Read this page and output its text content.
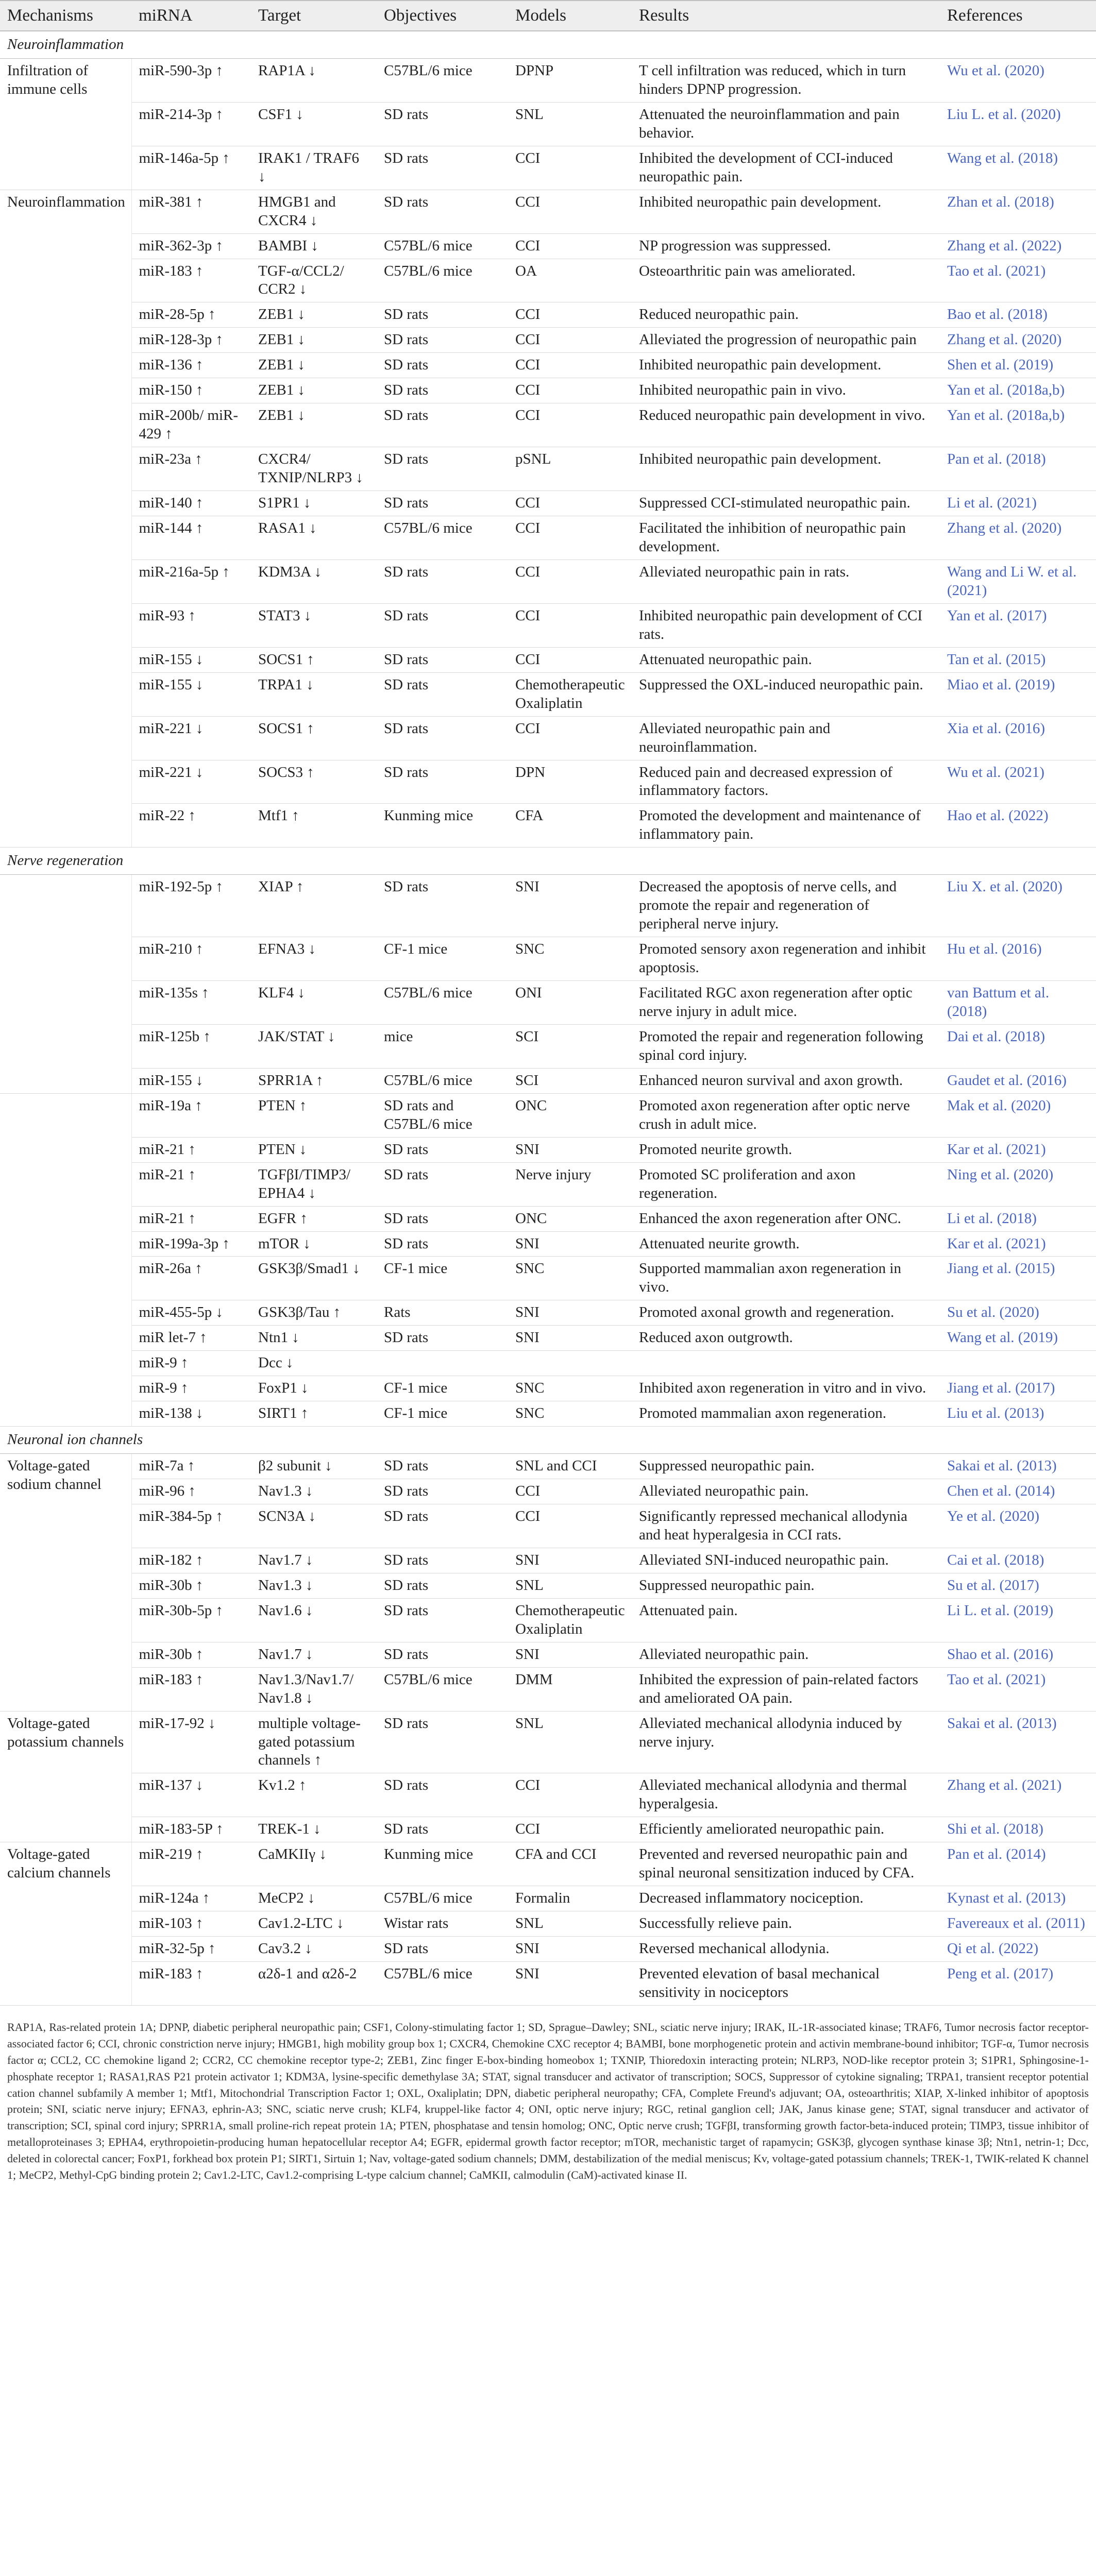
Mechanisms	miRNA	Target	Objectives	Models	Results	References
Neuroinflammation						
Infiltration of immune cells	miR-590-3p ↑	RAP1A ↓	C57BL/6 mice	DPNP	T cell infiltration was reduced, which in turn hinders DPNP progression.	Wu et al. (2020)
	miR-214-3p ↑	CSF1 ↓	SD rats	SNL	Attenuated the neuroinflammation and pain behavior.	Liu L. et al. (2020)
	miR-146a-5p ↑	IRAK1 / TRAF6 ↓	SD rats	CCI	Inhibited the development of CCI-induced neuropathic pain.	Wang et al. (2018)
Neuroinflammation	miR-381 ↑	HMGB1 and CXCR4 ↓	SD rats	CCI	Inhibited neuropathic pain development.	Zhan et al. (2018)
	miR-362-3p ↑	BAMBI ↓	C57BL/6 mice	CCI	NP progression was suppressed.	Zhang et al. (2022)
	miR-183 ↑	TGF-α/CCL2/ CCR2 ↓	C57BL/6 mice	OA	Osteoarthritic pain was ameliorated.	Tao et al. (2021)
	miR-28-5p ↑	ZEB1 ↓	SD rats	CCI	Reduced neuropathic pain.	Bao et al. (2018)
	miR-128-3p ↑	ZEB1 ↓	SD rats	CCI	Alleviated the progression of neuropathic pain	Zhang et al. (2020)
	miR-136 ↑	ZEB1 ↓	SD rats	CCI	Inhibited neuropathic pain development.	Shen et al. (2019)
	miR-150 ↑	ZEB1 ↓	SD rats	CCI	Inhibited neuropathic pain in vivo.	Yan et al. (2018a,b)
	miR-200b/ miR-429 ↑	ZEB1 ↓	SD rats	CCI	Reduced neuropathic pain development in vivo.	Yan et al. (2018a,b)
	miR-23a ↑	CXCR4/ TXNIP/NLRP3 ↓	SD rats	pSNL	Inhibited neuropathic pain development.	Pan et al. (2018)
	miR-140 ↑	S1PR1 ↓	SD rats	CCI	Suppressed CCI-stimulated neuropathic pain.	Li et al. (2021)
	miR-144 ↑	RASA1 ↓	C57BL/6 mice	CCI	Facilitated the inhibition of neuropathic pain development.	Zhang et al. (2020)
	miR-216a-5p ↑	KDM3A ↓	SD rats	CCI	Alleviated neuropathic pain in rats.	Wang and Li W. et al. (2021)
	miR-93 ↑	STAT3 ↓	SD rats	CCI	Inhibited neuropathic pain development of CCI rats.	Yan et al. (2017)
	miR-155 ↓	SOCS1 ↑	SD rats	CCI	Attenuated neuropathic pain.	Tan et al. (2015)
	miR-155 ↓	TRPA1 ↓	SD rats	Chemotherapeutic Oxaliplatin	Suppressed the OXL-induced neuropathic pain.	Miao et al. (2019)
	miR-221 ↓	SOCS1 ↑	SD rats	CCI	Alleviated neuropathic pain and neuroinflammation.	Xia et al. (2016)
	miR-221 ↓	SOCS3 ↑	SD rats	DPN	Reduced pain and decreased expression of inflammatory factors.	Wu et al. (2021)
	miR-22 ↑	Mtf1 ↑	Kunming mice	CFA	Promoted the development and maintenance of inflammatory pain.	Hao et al. (2022)
Nerve regeneration						
	miR-192-5p ↑	XIAP ↑	SD rats	SNI	Decreased the apoptosis of nerve cells, and promote the repair and regeneration of peripheral nerve injury.	Liu X. et al. (2020)
	miR-210 ↑	EFNA3 ↓	CF-1 mice	SNC	Promoted sensory axon regeneration and inhibit apoptosis.	Hu et al. (2016)
	miR-135s ↑	KLF4 ↓	C57BL/6 mice	ONI	Facilitated RGC axon regeneration after optic nerve injury in adult mice.	van Battum et al. (2018)
	miR-125b ↑	JAK/STAT ↓	mice	SCI	Promoted the repair and regeneration following spinal cord injury.	Dai et al. (2018)
	miR-155 ↓	SPRR1A ↑	C57BL/6 mice	SCI	Enhanced neuron survival and axon growth.	Gaudet et al. (2016)
	miR-19a ↑	PTEN ↑	SD rats and C57BL/6 mice	ONC	Promoted axon regeneration after optic nerve crush in adult mice.	Mak et al. (2020)
	miR-21 ↑	PTEN ↓	SD rats	SNI	Promoted neurite growth.	Kar et al. (2021)
	miR-21 ↑	TGFβI/TIMP3/ EPHA4 ↓	SD rats	Nerve injury	Promoted SC proliferation and axon regeneration.	Ning et al. (2020)
	miR-21 ↑	EGFR ↑	SD rats	ONC	Enhanced the axon regeneration after ONC.	Li et al. (2018)
	miR-199a-3p ↑	mTOR ↓	SD rats	SNI	Attenuated neurite growth.	Kar et al. (2021)
	miR-26a ↑	GSK3β/Smad1 ↓	CF-1 mice	SNC	Supported mammalian axon regeneration in vivo.	Jiang et al. (2015)
	miR-455-5p ↓	GSK3β/Tau ↑	Rats	SNI	Promoted axonal growth and regeneration.	Su et al. (2020)
	miR let-7 ↑	Ntn1 ↓	SD rats	SNI	Reduced axon outgrowth.	Wang et al. (2019)
	miR-9 ↑	Dcc ↓				
	miR-9 ↑	FoxP1 ↓	CF-1 mice	SNC	Inhibited axon regeneration in vitro and in vivo.	Jiang et al. (2017)
	miR-138 ↓	SIRT1 ↑	CF-1 mice	SNC	Promoted mammalian axon regeneration.	Liu et al. (2013)
Neuronal ion channels						
Voltage-gated sodium channel	miR-7a ↑	β2 subunit ↓	SD rats	SNL and CCI	Suppressed neuropathic pain.	Sakai et al. (2013)
	miR-96 ↑	Nav1.3 ↓	SD rats	CCI	Alleviated neuropathic pain.	Chen et al. (2014)
	miR-384-5p ↑	SCN3A ↓	SD rats	CCI	Significantly repressed mechanical allodynia and heat hyperalgesia in CCI rats.	Ye et al. (2020)
	miR-182 ↑	Nav1.7 ↓	SD rats	SNI	Alleviated SNI-induced neuropathic pain.	Cai et al. (2018)
	miR-30b ↑	Nav1.3 ↓	SD rats	SNL	Suppressed neuropathic pain.	Su et al. (2017)
	miR-30b-5p ↑	Nav1.6 ↓	SD rats	Chemotherapeutic Oxaliplatin	Attenuated pain.	Li L. et al. (2019)
	miR-30b ↑	Nav1.7 ↓	SD rats	SNI	Alleviated neuropathic pain.	Shao et al. (2016)
	miR-183 ↑	Nav1.3/Nav1.7/ Nav1.8 ↓	C57BL/6 mice	DMM	Inhibited the expression of pain-related factors and ameliorated OA pain.	Tao et al. (2021)
Voltage-gated potassium channels	miR-17-92 ↓	multiple voltage-gated potassium channels ↑	SD rats	SNL	Alleviated mechanical allodynia induced by nerve injury.	Sakai et al. (2013)
	miR-137 ↓	Kv1.2 ↑	SD rats	CCI	Alleviated mechanical allodynia and thermal hyperalgesia.	Zhang et al. (2021)
	miR-183-5P ↑	TREK-1 ↓	SD rats	CCI	Efficiently ameliorated neuropathic pain.	Shi et al. (2018)
Voltage-gated calcium channels	miR-219 ↑	CaMKIIγ ↓	Kunming mice	CFA and CCI	Prevented and reversed neuropathic pain and spinal neuronal sensitization induced by CFA.	Pan et al. (2014)
	miR-124a ↑	MeCP2 ↓	C57BL/6 mice	Formalin	Decreased inflammatory nociception.	Kynast et al. (2013)
	miR-103 ↑	Cav1.2-LTC ↓	Wistar rats	SNL	Successfully relieve pain.	Favereaux et al. (2011)
	miR-32-5p ↑	Cav3.2 ↓	SD rats	SNI	Reversed mechanical allodynia.	Qi et al. (2022)
	miR-183 ↑	α2δ-1 and α2δ-2	C57BL/6 mice	SNI	Prevented elevation of basal mechanical sensitivity in nociceptors	Peng et al. (2017)
RAP1A, Ras-related protein 1A; DPNP, diabetic peripheral neuropathic pain; CSF1, Colony-stimulating factor 1; SD, Sprague–Dawley; SNL, sciatic nerve injury; IRAK, IL-1R-associated kinase; TRAF6, Tumor necrosis factor receptor-associated factor 6; CCI, chronic constriction nerve injury; HMGB1, high mobility group box 1; CXCR4, Chemokine CXC receptor 4; BAMBI, bone morphogenetic protein and activin membrane-bound inhibitor; TGF-α, Tumor necrosis factor α; CCL2, CC chemokine ligand 2; CCR2, CC chemokine receptor type-2; ZEB1, Zinc finger E-box-binding homeobox 1; TXNIP, Thioredoxin interacting protein; NLRP3, NOD-like receptor protein 3; S1PR1, Sphingosine-1-phosphate receptor 1; RASA1,RAS P21 protein activator 1; KDM3A, lysine-specific demethylase 3A; STAT, signal transducer and activator of transcription; SOCS, Suppressor of cytokine signaling; TRPA1, transient receptor potential cation channel subfamily A member 1; Mtf1, Mitochondrial Transcription Factor 1; OXL, Oxaliplatin; DPN, diabetic peripheral neuropathy; CFA, Complete Freund's adjuvant; OA, osteoarthritis; XIAP, X-linked inhibitor of apoptosis protein; SNI, sciatic nerve injury; EFNA3, ephrin-A3; SNC, sciatic nerve crush; KLF4, kruppel-like factor 4; ONI, optic nerve injury; RGC, retinal ganglion cell; JAK, Janus kinase gene; STAT, signal transducer and activator of transcription; SCI, spinal cord injury; SPRR1A, small proline-rich repeat protein 1A; PTEN, phosphatase and tensin homolog; ONC, Optic nerve crush; TGFβI, transforming growth factor-beta-induced protein; TIMP3, tissue inhibitor of metalloproteinases 3; EPHA4, erythropoietin-producing human hepatocellular receptor A4; EGFR, epidermal growth factor receptor; mTOR, mechanistic target of rapamycin; GSK3β, glycogen synthase kinase 3β; Ntn1, netrin-1; Dcc, deleted in colorectal cancer; FoxP1, forkhead box protein P1; SIRT1, Sirtuin 1; Nav, voltage-gated sodium channels; DMM, destabilization of the medial meniscus; Kv, voltage-gated potassium channels; TREK-1, TWIK-related K channel 1; MeCP2, Methyl-CpG binding protein 2; Cav1.2-LTC, Cav1.2-comprising L-type calcium channel; CaMKII, calmodulin (CaM)-activated kinase II.
